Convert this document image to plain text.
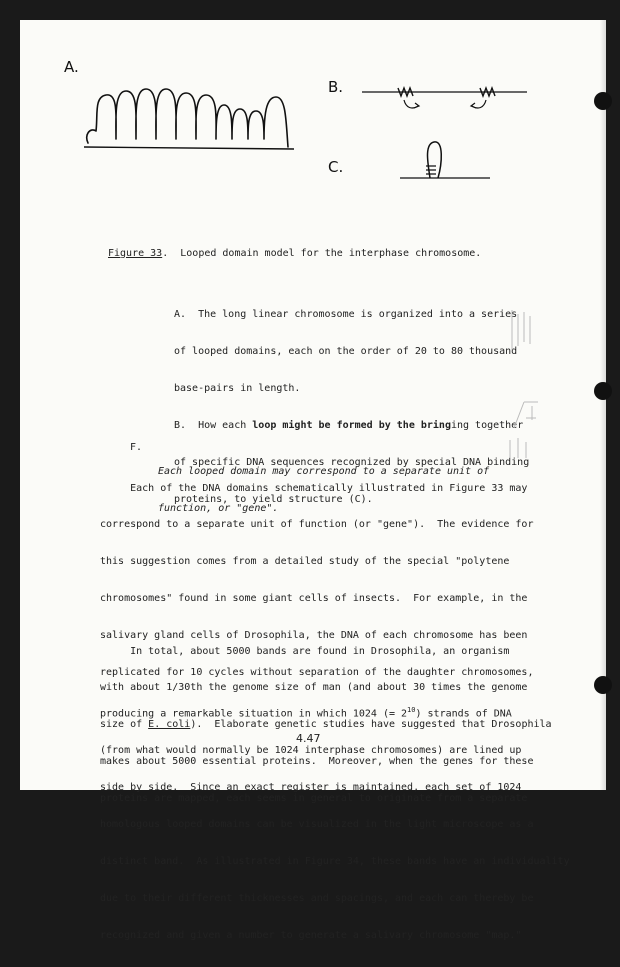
A.
B.
C.

Figure 33. Looped domain model for the interphase chromosome.

A.  The long linear chromosome is organized into a series

of looped domains, each on the order of 20 to 80 thousand

base-pairs in length.

B.  How each loop might be formed by the bringing together

of specific DNA sequences recognized by special DNA binding

proteins, to yield structure (C).

F.

Each looped domain may correspond to a separate unit of

function, or "gene".

Each of the DNA domains schematically illustrated in Figure 33 may

correspond to a separate unit of function (or "gene").  The evidence for

this suggestion comes from a detailed study of the special "polytene

chromosomes" found in some giant cells of insects.  For example, in the

salivary gland cells of Drosophila, the DNA of each chromosome has been

replicated for 10 cycles without separation of the daughter chromosomes,

producing a remarkable situation in which 1024 (= $2^{10}$) strands of DNA

(from what would normally be 1024 interphase chromosomes) are lined up

side by side.  Since an exact register is maintained, each set of 1024

homologous looped domains can be visualized in the light microscope as a

distinct band.  As illustrated in Figure 34, these bands have an individuality

due to their different thicknesses and spacings, and each can thereby be

recognized and given a number to generate a salivary chromosome "map."

In total, about 5000 bands are found in Drosophila, an organism

with about 1/30th the genome size of man (and about 30 times the genome

size of E. coli).  Elaborate genetic studies have suggested that Drosophila

makes about 5000 essential proteins.  Moreover, when the genes for these

proteins are mapped, each seems in general to originate from a separate

4.47
